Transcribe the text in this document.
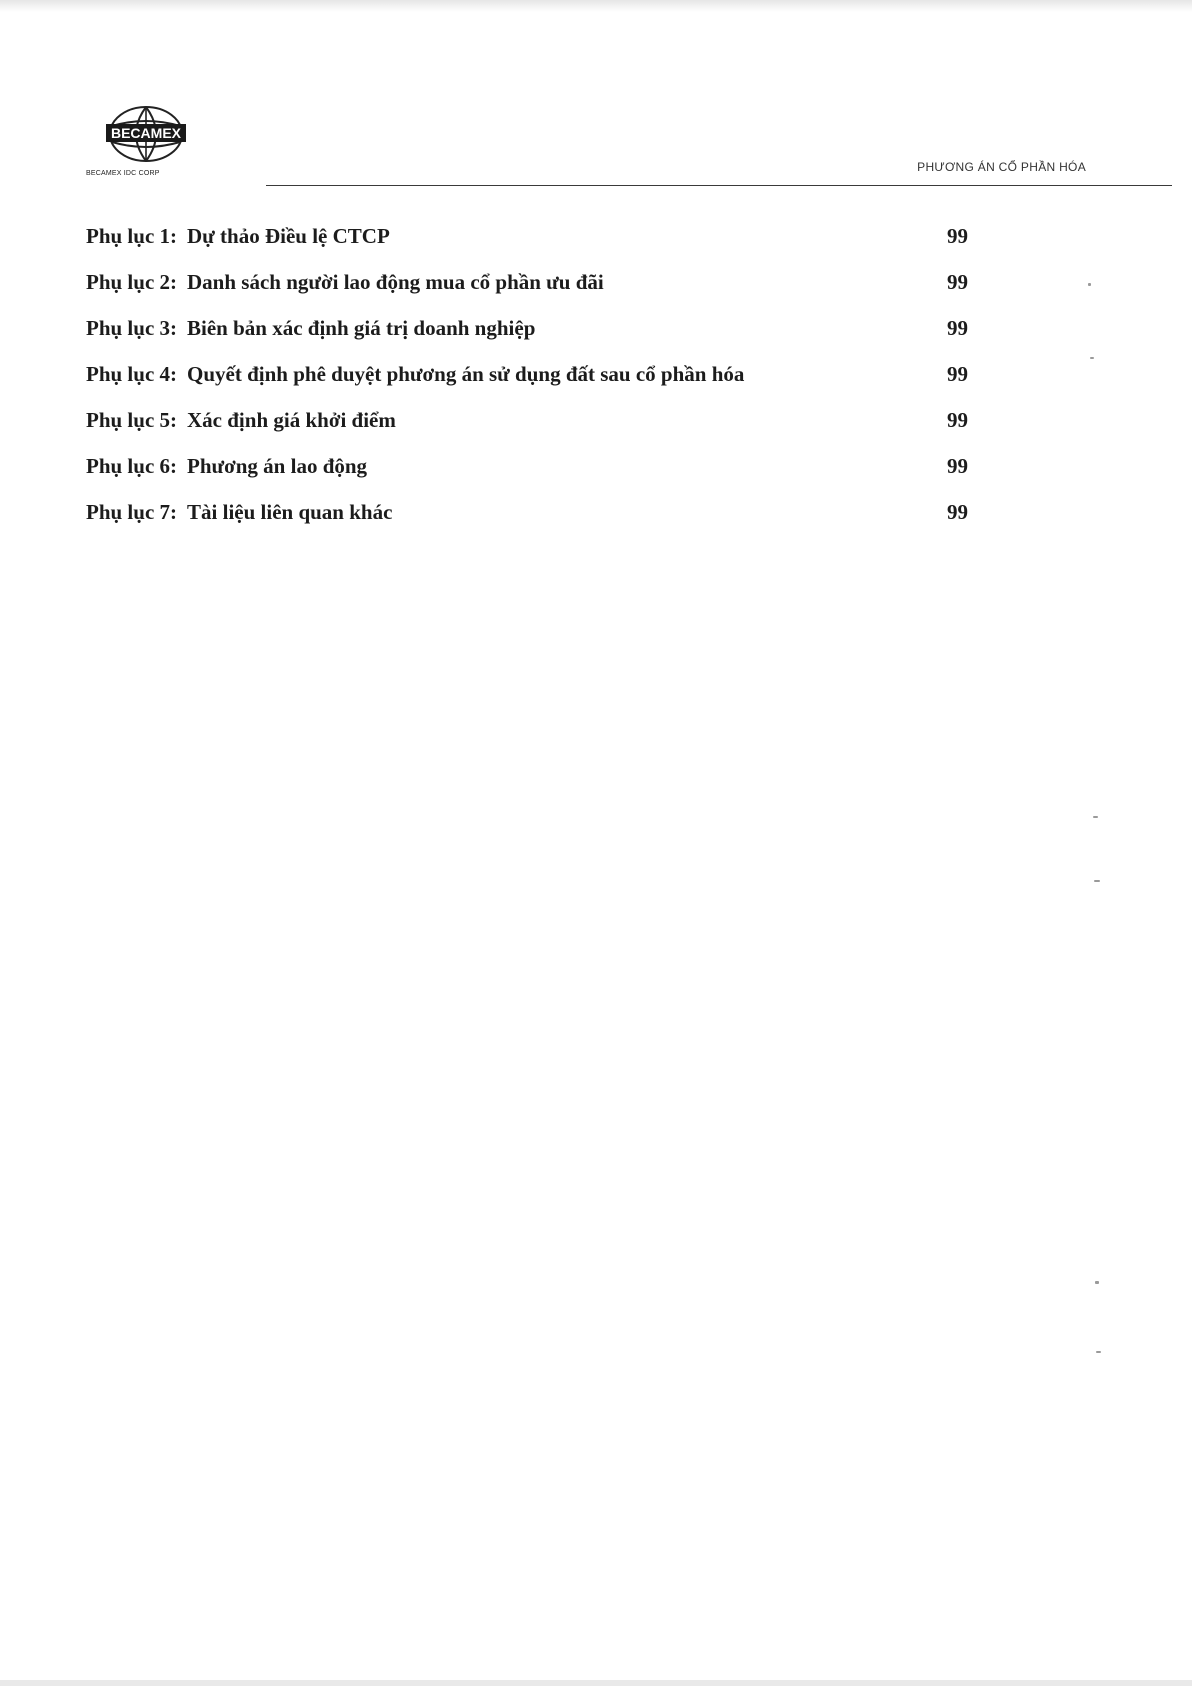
BECAMEX
BECAMEX IDC CORP	PHƯƠNG ÁN CỔ PHẦN HÓA
Phụ lục 1: Dự thảo Điều lệ CTCP	99
Phụ lục 2: Danh sách người lao động mua cổ phần ưu đãi	99
Phụ lục 3: Biên bản xác định giá trị doanh nghiệp	99
Phụ lục 4: Quyết định phê duyệt phương án sử dụng đất sau cổ phần hóa	99
Phụ lục 5: Xác định giá khởi điểm	99
Phụ lục 6: Phương án lao động	99
Phụ lục 7: Tài liệu liên quan khác	99
